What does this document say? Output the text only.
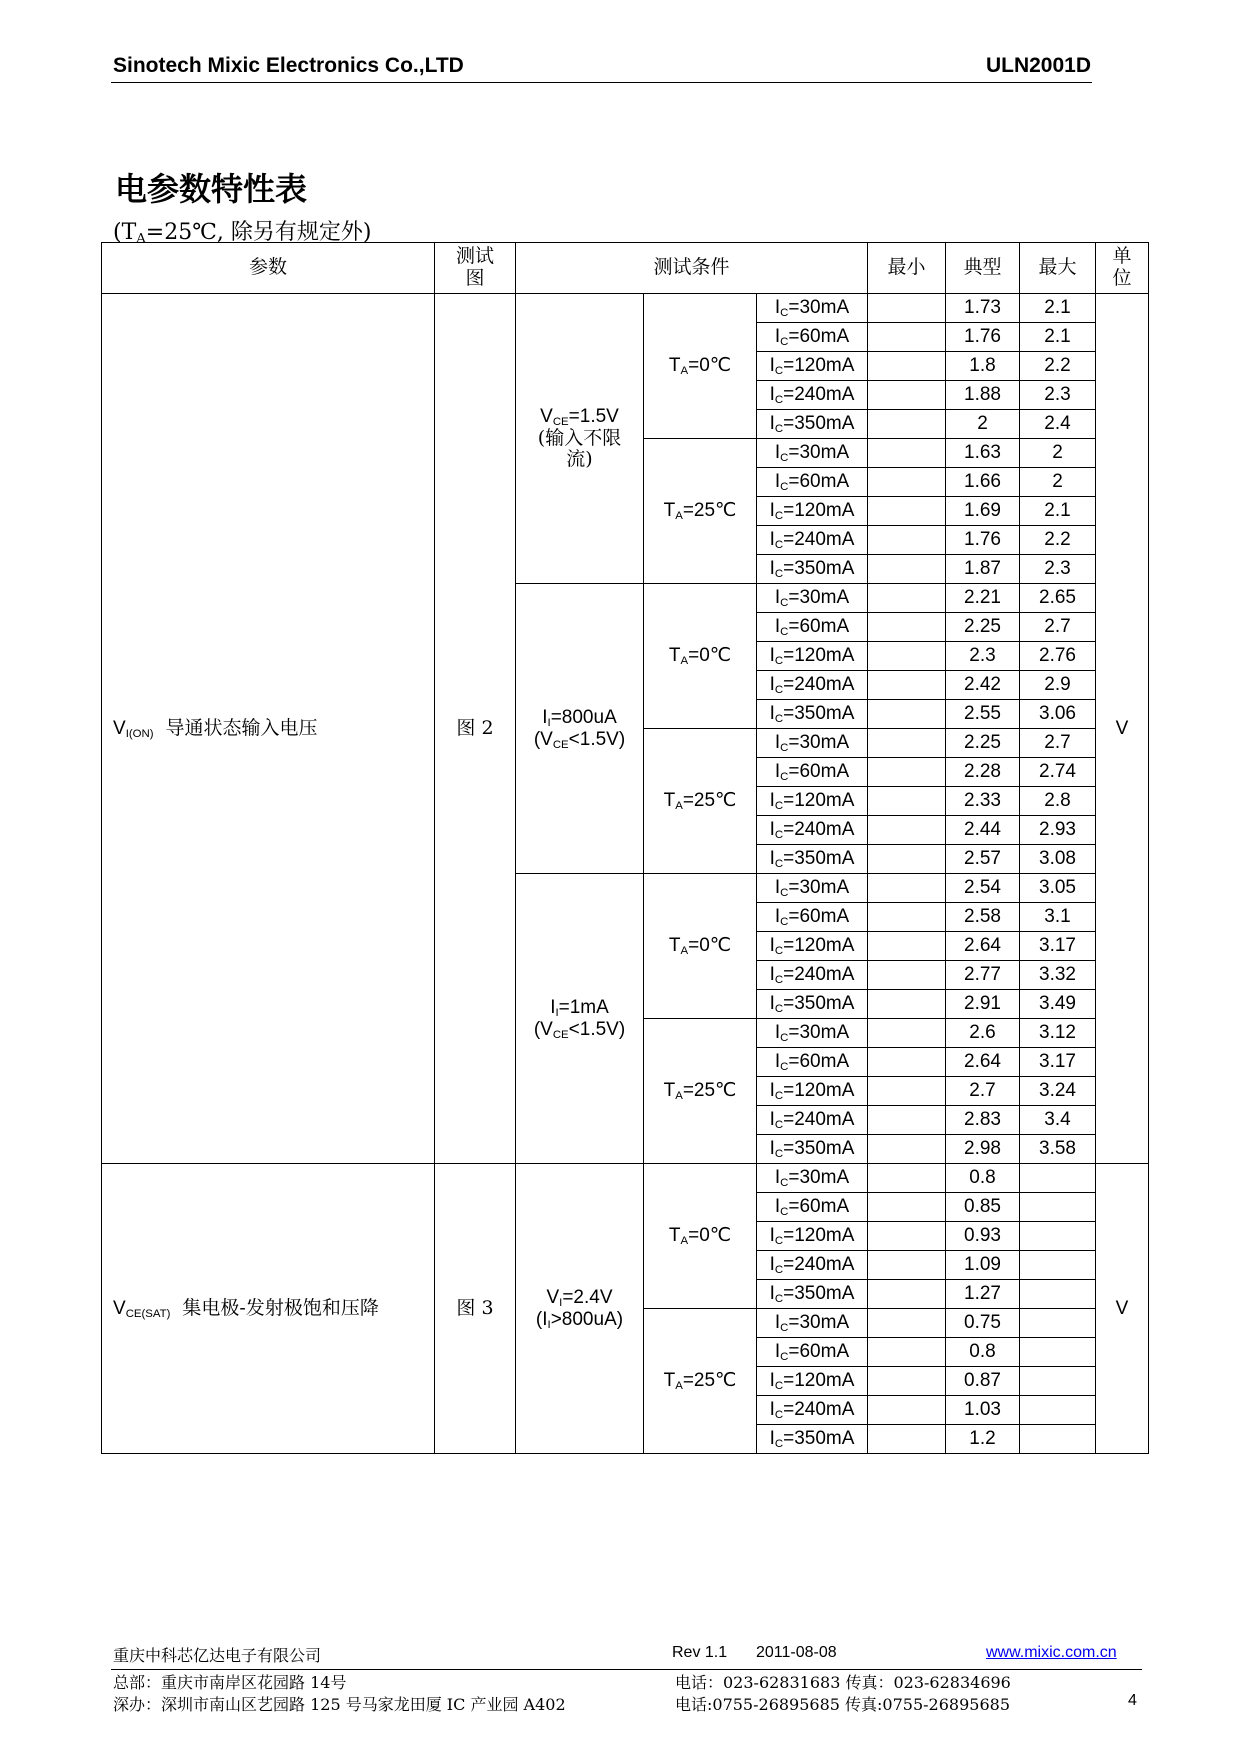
Sinotech Mixic Electronics Co.,LTD	ULN2001D
电参数特性表
($T_A=25℃$, 除另有规定外)
参数	测试图	测试条件			最小	典型	最大	单位
$V_{I(ON)}$ 导通状态输入电压	图 2	$V_{CE}=1.5V$
(输入不限
流)	$T_A=0℃$	$I_C=30mA$		1.73	2.1	V
				$I_C=60mA$		1.76	2.1	
				$I_C=120mA$		1.8	2.2	
				$I_C=240mA$		1.88	2.3	
				$I_C=350mA$		2	2.4	
			$T_A=25℃$	$I_C=30mA$		1.63	2	
				$I_C=60mA$		1.66	2	
				$I_C=120mA$		1.69	2.1	
				$I_C=240mA$		1.76	2.2	
				$I_C=350mA$		1.87	2.3	

		$I_I=800uA$
$(V_{CE}<1.5V)$	$T_A=0℃$	$I_C=30mA$		2.21	2.65	
				$I_C=60mA$		2.25	2.7	
				$I_C=120mA$		2.3	2.76	
				$I_C=240mA$		2.42	2.9	
				$I_C=350mA$		2.55	3.06	
			$T_A=25℃$	$I_C=30mA$		2.25	2.7	
				$I_C=60mA$		2.28	2.74	
				$I_C=120mA$		2.33	2.8	
				$I_C=240mA$		2.44	2.93	
				$I_C=350mA$		2.57	3.08	

		$I_I=1mA$
$(V_{CE}<1.5V)$	$T_A=0℃$	$I_C=30mA$		2.54	3.05	
				$I_C=60mA$		2.58	3.1	
				$I_C=120mA$		2.64	3.17	
				$I_C=240mA$		2.77	3.32	
				$I_C=350mA$		2.91	3.49	
			$T_A=25℃$	$I_C=30mA$		2.6	3.12	
				$I_C=60mA$		2.64	3.17	
				$I_C=120mA$		2.7	3.24	
				$I_C=240mA$		2.83	3.4	
				$I_C=350mA$		2.98	3.58	
$V_{CE(SAT)}$ 集电极-发射极饱和压降	图 3	$V_I=2.4V$
$(I_I>800uA)$	$T_A=0℃$	$I_C=30mA$		0.8		V
				$I_C=60mA$		0.85		
				$I_C=120mA$		0.93		
				$I_C=240mA$		1.09		
				$I_C=350mA$		1.27		
			$T_A=25℃$	$I_C=30mA$		0.75		
				$I_C=60mA$		0.8		
				$I_C=120mA$		0.87		
				$I_C=240mA$		1.03		
				$I_C=350mA$		1.2		
重庆中科芯亿达电子有限公司	Rev 1.1 2011-08-08	www.mixic.com.cn
总部：重庆市南岸区花园路 14号	电话：023-62831683 传真：023-62834696
深办：深圳市南山区艺园路 125 号马家龙田厦 IC 产业园 A402	电话:0755-26895685 传真:0755-26895685	4
